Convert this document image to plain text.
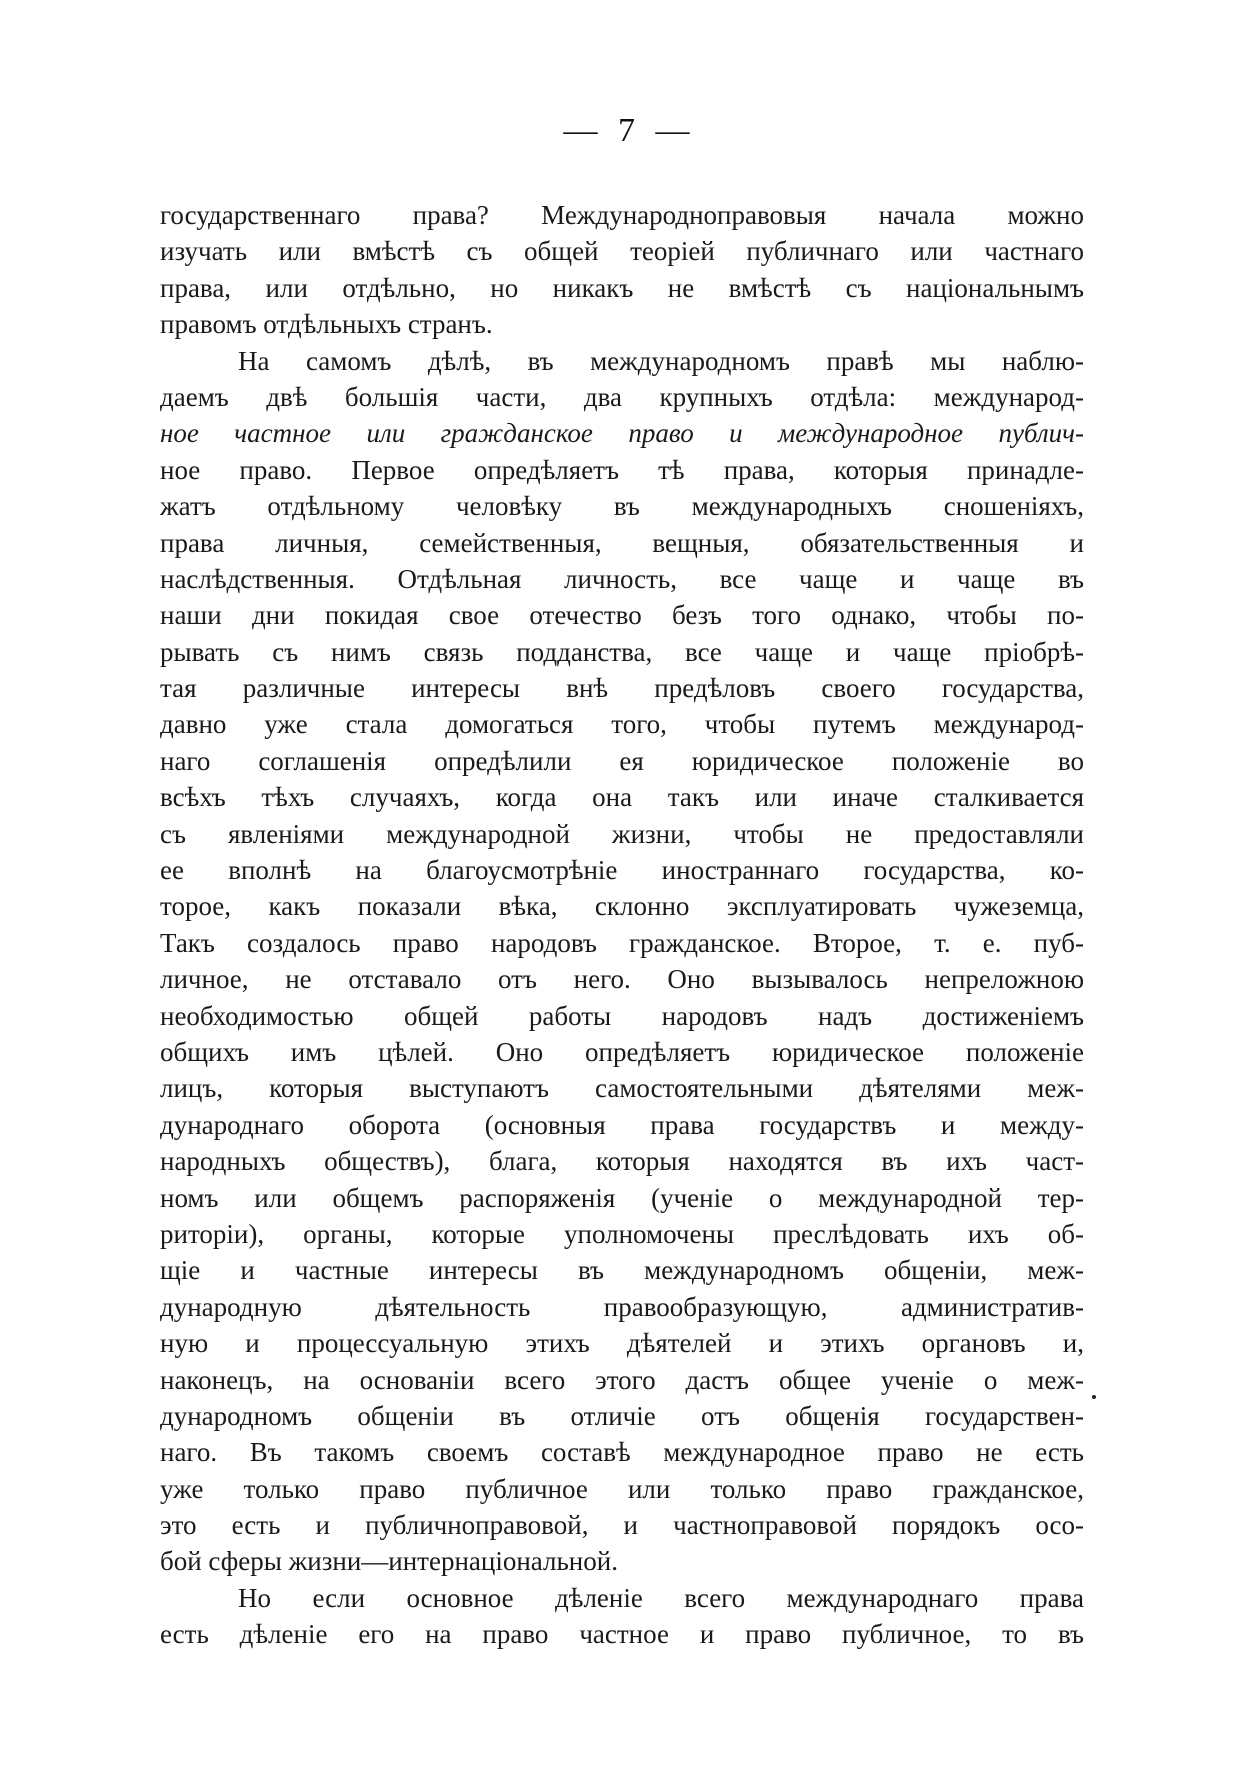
— 7 —
государственнаго права? Международноправовыя начала можно
изучать или вмѣстѣ съ общей теоріей публичнаго или частнаго
права, или отдѣльно, но никакъ не вмѣстѣ съ національнымъ
правомъ отдѣльныхъ странъ.
На самомъ дѣлѣ, въ международномъ правѣ мы наблю-
даемъ двѣ большія части, два крупныхъ отдѣла: международ-
ное частное или гражданское право и международное публич-
ное право. Первое опредѣляетъ тѣ права, которыя принадле-
жатъ отдѣльному человѣку въ международныхъ сношеніяхъ,
права личныя, семейственныя, вещныя, обязательственныя и
наслѣдственныя. Отдѣльная личность, все чаще и чаще въ
наши дни покидая свое отечество безъ того однако, чтобы по-
рывать съ нимъ связь подданства, все чаще и чаще пріобрѣ-
тая различные интересы внѣ предѣловъ своего государства,
давно уже стала домогаться того, чтобы путемъ международ-
наго соглашенія опредѣлили ея юридическое положеніе во
всѣхъ тѣхъ случаяхъ, когда она такъ или иначе сталкивается
съ явленіями международной жизни, чтобы не предоставляли
ее вполнѣ на благоусмотрѣніе иностраннаго государства, ко-
торое, какъ показали вѣка, склонно эксплуатировать чужеземца,
Такъ создалось право народовъ гражданское. Второе, т. е. пуб-
личное, не отставало отъ него. Оно вызывалось непреложною
необходимостью общей работы народовъ надъ достиженіемъ
общихъ имъ цѣлей. Оно опредѣляетъ юридическое положеніе
лицъ, которыя выступаютъ самостоятельными дѣятелями меж-
дународнаго оборота (основныя права государствъ и между-
народныхъ обществъ), блага, которыя находятся въ ихъ част-
номъ или общемъ распоряженія (ученіе о международной тер-
риторіи), органы, которые уполномочены преслѣдовать ихъ об-
щіе и частные интересы въ международномъ общеніи, меж-
дународную дѣятельность правообразующую, административ-
ную и процессуальную этихъ дѣятелей и этихъ органовъ и,
наконецъ, на основаніи всего этого дастъ общее ученіе о меж-
дународномъ общеніи въ отличіе отъ общенія государствен-
наго. Въ такомъ своемъ составѣ международное право не есть
уже только право публичное или только право гражданское,
это есть и публичноправовой, и частноправовой порядокъ осо-
бой сферы жизни—интернаціональной.
Но если основное дѣленіе всего международнаго права
есть дѣленіе его на право частное и право публичное, то въ
